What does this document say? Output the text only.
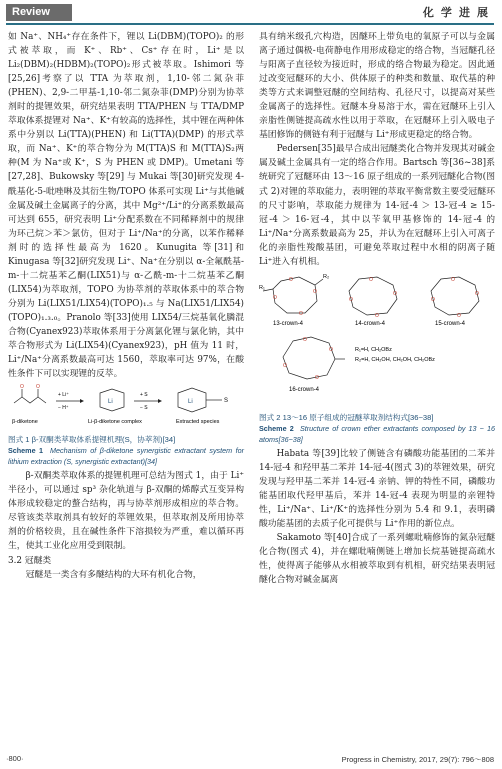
Review	化 学 进 展

如 Na⁺、NH₄⁺存在条件下，锂以 Li(DBM)(TOPO)₂ 的形式被萃取，而 K⁺、Rb⁺、Cs⁺存在时，Li⁺是以 Li₂(DBM)₂(HDBM)₂(TOPO)₂形式被萃取。Ishimori 等[25,26]考察了以 TTA 为萃取剂，1,10-邻二氮杂菲(PHEN)、2,9-二甲基-1,10-邻二氮杂菲(DMP)分别为协萃剂时的提锂效果，研究结果表明 TTA/PHEN 与 TTA/DMP 萃取体系提锂对 Na⁺、K⁺有较高的选择性，其中锂在两种体系中分别以 Li(TTA)(PHEN) 和 Li(TTA)(DMP) 的形式萃取，而 Na⁺、K⁺的萃合物分为 M(TTA)S 和 M(TTA)S₂两种(M 为 Na⁺或 K⁺，S 为 PHEN 或 DMP)。Umetani 等[27,28]、Bukowsky 等[29] 与 Mukai 等[30]研究发现 4-酰基化-5-吡唑啉及其衍生物/TOPO 体系可实现 Li⁺与其他碱金属及碱土金属离子的分离，其中 Mg²⁺/Li⁺的分离系数最高可达到 655，研究表明 Li⁺分配系数在不同稀释剂中的规律为环己烷＞苯＞氯仿，但对于 Li⁺/Na⁺的分离，以苯作稀释剂时的选择性最高为 1620。Kunugita 等[31]和 Kinugasa 等[32]研究发现 Li⁺、Na⁺在分别以 α-全氟酰基-m-十二烷基苯乙酮(LIX51)与 α-乙酰-m-十二烷基苯乙酮(LIX54)为萃取剂，TOPO 为协萃剂的萃取体系中的萃合物分别为 Li(LIX51/LIX54)(TOPO)₁.₅ 与 Na(LIX51/LIX54)(TOPO)₁.₃.₀。Pranolo 等[33]使用 LIX54/三烷基氧化膦混合物(Cyanex923)萃取体系用于分离氯化锂与氯化钠，其中萃合物形式为 Li(LIX54)(Cyanex923)，pH 值为 11 时，Li⁺/Na⁺分离系数最高可达 1560，萃取率可达 97%，在酸性条件下可以实现锂的反萃。

O O
+ Li⁺
− H⁺
Li
+ S
− S
Li	S
β-diketone	Li-β-diketone complex	Extracted species
图式 1 β-双酮类萃取体系提锂机理(S，协萃剂)[34]
Scheme 1 Mechanism of β-diketone synergistic extractant system for lithium extraction (S, synergistic extractant)[34]

β-双酮类萃取体系的提锂机理可总结为图式 1，由于 Li⁺半径小，可以通过 sp³ 杂化轨道与 β-双酮的烯醇式互变异构体形成较稳定的螯合结构，再与协萃剂形成相应的萃合物。尽管该类萃取剂具有较好的萃锂效果，但萃取剂及所用协萃剂的价格较贵，且在碱性条件下溶损较为严重，难以循环再生，使其工业化应用受到限制。

3.2 冠醚类

冠醚是一类含有多醚结构的大环有机化合物，

具有纳米级孔穴构造，因醚环上带负电的氧原子可以与金属离子通过偶极-电荷静电作用形成稳定的络合物，当冠醚孔径与阳离子直径较为接近时，形成的络合物最为稳定。因此通过改变冠醚环的大小、供体原子的种类和数量、取代基的种类等方式来调整冠醚的空间结构、孔径尺寸，以提高对某些金属离子的选择性。冠醚本身易溶于水，需在冠醚环上引入亲脂性侧链提高疏水性以用于萃取，在冠醚环上引入吸电子基团修饰的侧链有利于冠醚与 Li⁺形成更稳定的络合物。

Pedersen[35]最早合成出冠醚类化合物并发现其对碱金属及碱土金属具有一定的络合作用。Bartsch 等[36~38]系统研究了冠醚环由 13～16 原子组成的一系列冠醚化合物(图式 2)对锂的萃取能力，表明锂的萃取平衡常数主要受冠醚环的尺寸影响，萃取能力规律为 14-冠-4 ＞ 13-冠-4 ≥ 15-冠-4 ＞ 16-冠-4，其中以苄氧甲基修饰的 14-冠-4 的 Li⁺/Na⁺分离系数最高为 25，并认为在冠醚环上引入可离子化的亲脂性羧酸基团，可避免萃取过程中水相的阴离子随 Li⁺进入有机相。

O
O
O
O
O
O
O
O
O
O
O
O
O
O
O
O
R₁
R₂
13-crown-4	14-crown-4	15-crown-4
16-crown-4
R₁=H, CH₂OBz
R₂=H, CH₂OH, CH₂OH, CH₂OBz
图式 2 13～16 原子组成的冠醚萃取剂结构式[36~38]
Scheme 2 Structure of crown ether extractants composed by 13 ~ 16 atoms[36~38]

Habata 等[39]比较了侧链含有磷酸功能基团的二苯并 14-冠-4 和羟甲基二苯并 14-冠-4(图式 3)的萃锂效果，研究发现与羟甲基二苯并 14-冠-4 亲钠、钾的特性不同，磷酸功能基团取代羟甲基后，苯并 14-冠-4 表现为明显的亲锂特性，Li⁺/Na⁺、Li⁺/K⁺的选择性分别为 5.4 和 9.1，表明磷酸功能基团的去质子化可提供与 Li⁺作用的新位点。

Sakamoto 等[40]合成了一系列螺吡喃修饰的氮杂冠醚化合物(图式 4)，并在螺吡喃侧链上增加长烷基链提高疏水性，使得离子能够从水相被萃取到有机相，研究结果表明冠醚化合物对碱金属离

·800·	Progress in Chemistry, 2017, 29(7): 796～808
